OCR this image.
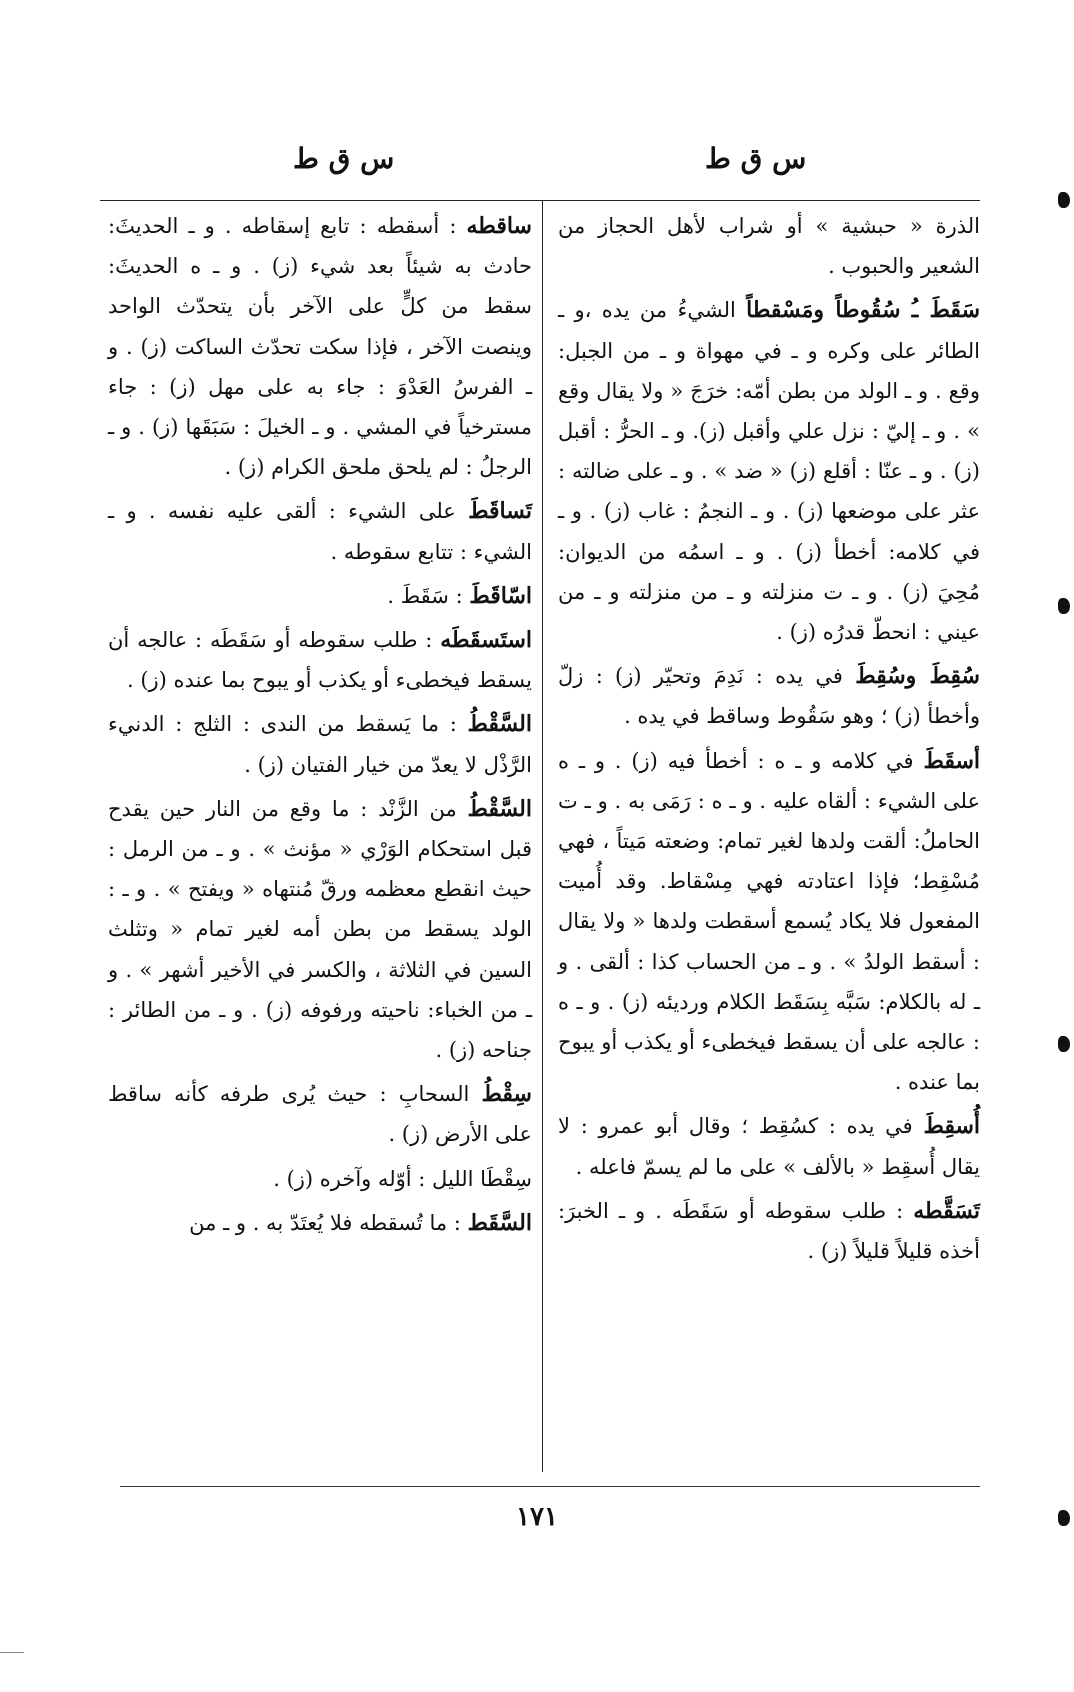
س ق ط
س ق ط
الذرة « حبشية » أو شراب لأهل الحجاز من الشعير والحبوب .
سَقَطَ ـُ سُقُوطاً ومَسْقطاً الشيءُ من يده ،و ـ الطائر على وكره و ـ في مهواة و ـ من الجبل: وقع . و ـ الولد من بطن أمّه: خرَجَ « ولا يقال وقع » . و ـ إليّ : نزل علي وأقبل (ز). و ـ الحرُّ : أقبل (ز) . و ـ عنّا : أقلع (ز) « ضد » . و ـ على ضالته : عثر على موضعها (ز) . و ـ النجمُ : غاب (ز) . و ـ في كلامه: أخطأ (ز) . و ـ اسمُه من الديوان: مُحِيَ (ز) . و ـ ت منزلته و ـ من منزلته و ـ من عيني : انحطّ قدرُه (ز) .
سُقِطَ وسُقِطَ في يده : نَدِمَ وتحيّر (ز) : زلّ وأخطأ (ز) ؛ وهو سَقُوط وساقط في يده .
أسقَطَ في كلامه و ـ ه : أخطأ فيه (ز) . و ـ ه على الشيء : ألقاه عليه . و ـ ه : رَمَى به . و ـ ت الحاملُ: ألقت ولدها لغير تمام: وضعته مَيتاً ، فهي مُسْقِط؛ فإذا اعتادته فهي مِسْقاط. وقد أُميت المفعول فلا يكاد يُسمع أسقطت ولدها « ولا يقال : أسقط الولدُ » . و ـ من الحساب كذا : ألقى . و ـ له بالكلام: سَبَّه بِسَقَط الكلام ورديئه (ز) . و ـ ه : عالجه على أن يسقط فيخطىء أو يكذب أو يبوح بما عنده .
أُسقِطَ في يده : كسُقِط ؛ وقال أبو عمرو : لا يقال أُسقِط « بالألف » على ما لم يسمّ فاعله .
تَسَقَّطه : طلب سقوطه أو سَقَطَه . و ـ الخبرَ: أخذه قليلاً قليلاً (ز) .
ساقطه : أسقطه : تابع إسقاطه . و ـ الحديثَ: حادث به شيئاً بعد شيء (ز) . و ـ ه الحديثَ: سقط من كلٍّ على الآخر بأن يتحدّث الواحد وينصت الآخر ، فإذا سكت تحدّث الساكت (ز) . و ـ الفرسُ العَدْوَ : جاء به على مهل (ز) : جاء مسترخياً في المشي . و ـ الخيلَ : سَبَقَها (ز) . و ـ الرجلُ : لم يلحق ملحق الكرام (ز) .
تَساقَطَ على الشيء : ألقى عليه نفسه . و ـ الشيء : تتابع سقوطه .
اسّاقَطَ : سَقَطَ .
استَسقَطَه : طلب سقوطه أو سَقَطَه : عالجه أن يسقط فيخطىء أو يكذب أو يبوح بما عنده (ز) .
السَّقْطُ : ما يَسقط من الندى : الثلج : الدنيء الرَّذْل لا يعدّ من خيار الفتيان (ز) .
السَّقْطُ من الزَّنْد : ما وقع من النار حين يقدح قبل استحكام الوَرْي « مؤنث » . و ـ من الرمل : حيث انقطع معظمه ورقّ مُنتهاه « ويفتح » . و ـ : الولد يسقط من بطن أمه لغير تمام « وتثلث السين في الثلاثة ، والكسر في الأخير أشهر » . و ـ من الخباء: ناحيته ورفوفه (ز) . و ـ من الطائر : جناحه (ز) .
سِقْطُ السحابِ : حيث يُرى طرفه كأنه ساقط على الأرض (ز) .
سِقْطَا الليل : أوّله وآخره (ز) .
السَّقَط : ما تُسقطه فلا يُعتَدّ به . و ـ من
١٧١
